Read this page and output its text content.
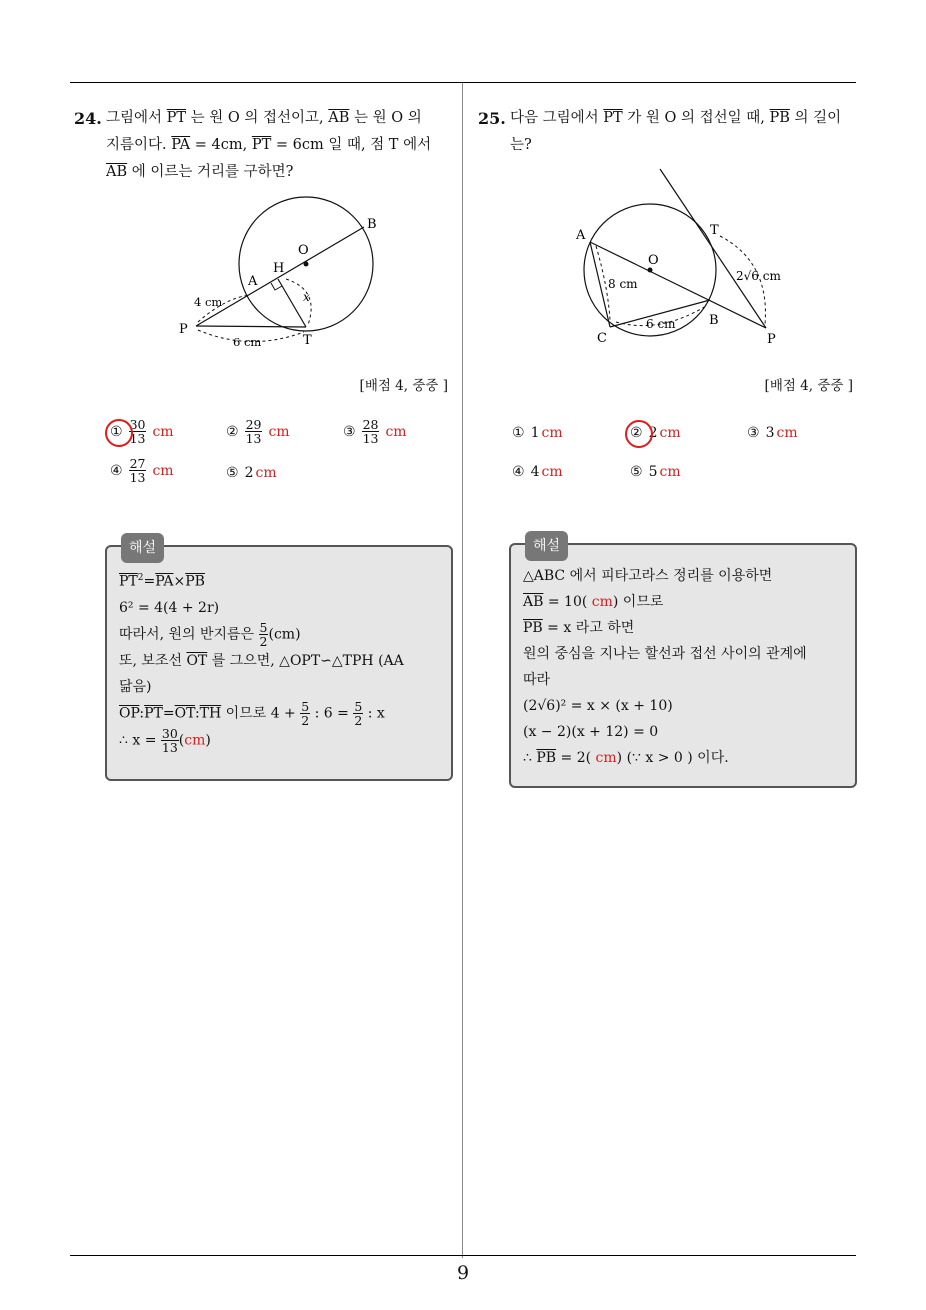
9
24. 그림에서 $\overline{PT}$ 는 원 O 의 접선이고, $\overline{AB}$ 는 원 O 의
지름이다. $\overline{PA} = 4cm$, $\overline{PT} = 6cm$ 일 때, 점 T 에서
$\overline{AB}$ 에 이르는 거리를 구하면?
B
O
H
A
P
T
x
4 cm
6 cm
[배점 4, 중중 ]
① $\frac{30}{13}$ cm	② $\frac{29}{13}$ cm	③ $\frac{28}{13}$ cm
④ $\frac{27}{13}$ cm	⑤ 2 cm
해설
$\overline{PT}^2=\overline{PA}\times\overline{PB}$
6² = 4(4 + 2r)
따라서, 원의 반지름은 $\frac{5}{2} (cm)$
또, 보조선 $\overline{OT}$ 를 그으면, △OPT∽△TPH (AA
닮음)
$\overline{OP}:\overline{PT}=\overline{OT}:\overline{TH}$ 이므로 $4 + \frac{5}{2}$ : $6 = \frac{5}{2}$ : x
∴ $x = \frac{30}{13} (cm)$
25. 다음 그림에서 $\overline{PT}$ 가 원 O 의 접선일 때, $\overline{PB}$ 의 길이
는?
A	T
O
2√6 cm
8 cm
C
6 cm	B
P
[배점 4, 중중 ]
① 1 cm	② 2 cm	③ 3 cm
④ 4 cm	⑤ 5 cm
해설
△ABC 에서 피타고라스 정리를 이용하면
$\overline{AB} = 10$( cm) 이므로
$\overline{PB} = x$ 라고 하면
원의 중심을 지나는 할선과 접선 사이의 관계에
따라
(2√6)² = x × (x + 10)
(x − 2)(x + 12) = 0
∴ $\overline{PB} = 2$( cm) (∵ x > 0 ) 이다.
